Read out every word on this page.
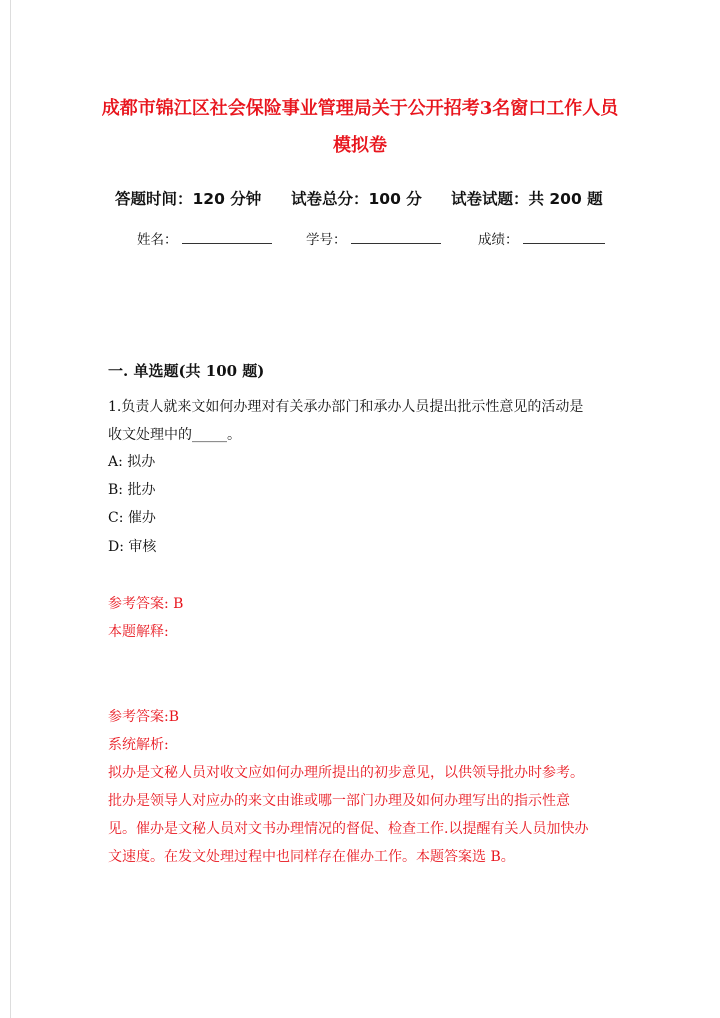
成都市锦江区社会保险事业管理局关于公开招考3名窗口工作人员
模拟卷
答题时间：120 分钟 试卷总分：100 分 试卷试题：共 200 题
姓名：	学号：	成绩：
一. 单选题(共 100 题)
1.负责人就来文如何办理对有关承办部门和承办人员提出批示性意见的活动是
收文处理中的_____。
A: 拟办
B: 批办
C: 催办
D: 审核
参考答案: B
本题解释:
参考答案:B
系统解析:
拟办是文秘人员对收文应如何办理所提出的初步意见，以供领导批办时参考。
批办是领导人对应办的来文由谁或哪一部门办理及如何办理写出的指示性意
见。催办是文秘人员对文书办理情况的督促、检查工作.以提醒有关人员加快办
文速度。在发文处理过程中也同样存在催办工作。本题答案选 B。
